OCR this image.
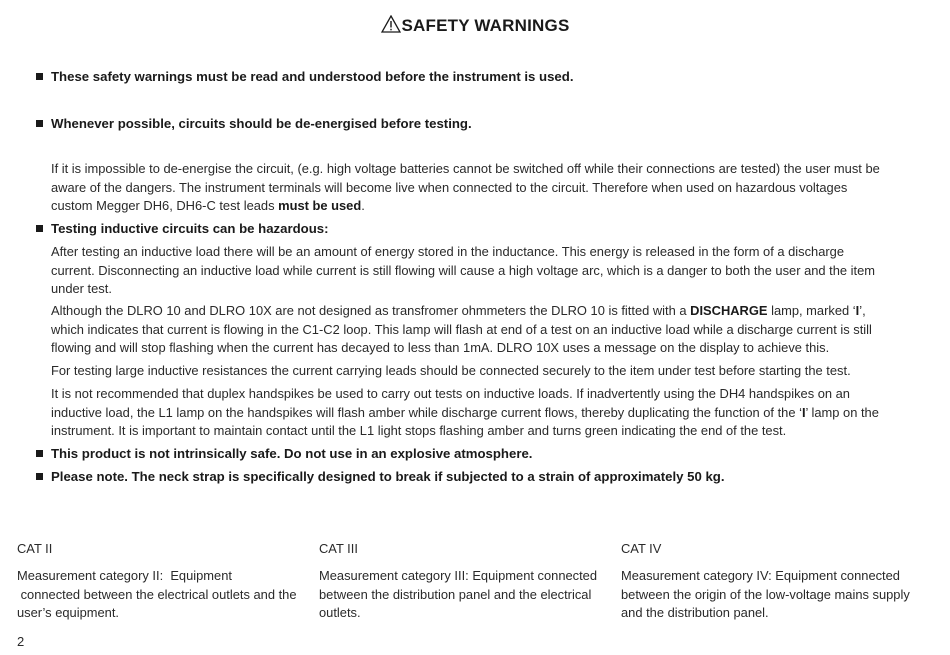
SAFETY WARNINGS
These safety warnings must be read and understood before the instrument is used.
Whenever possible, circuits should be de-energised before testing.
If it is impossible to de-energise the circuit, (e.g. high voltage batteries cannot be switched off while their connections are tested) the user must be aware of the dangers. The instrument terminals will become live when connected to the circuit. Therefore when used on hazardous voltages custom Megger DH6, DH6-C test leads must be used.
Testing inductive circuits can be hazardous:
After testing an inductive load there will be an amount of energy stored in the inductance. This energy is released in the form of a discharge current. Disconnecting an inductive load while current is still flowing will cause a high voltage arc, which is a danger to both the user and the item under test.
Although the DLRO 10 and DLRO 10X are not designed as transfromer ohmmeters the DLRO 10 is fitted with a DISCHARGE lamp, marked ‘I’, which indicates that current is flowing in the C1-C2 loop. This lamp will flash at end of a test on an inductive load while a discharge current is still flowing and will stop flashing when the current has decayed to less than 1mA. DLRO 10X uses a message on the display to achieve this.
For testing large inductive resistances the current carrying leads should be connected securely to the item under test before starting the test.
It is not recommended that duplex handspikes be used to carry out tests on inductive loads. If inadvertently using the DH4 handspikes on an inductive load, the L1 lamp on the handspikes will flash amber while discharge current flows, thereby duplicating the function of the ‘I’ lamp on the instrument. It is important to maintain contact until the L1 light stops flashing amber and turns green indicating the end of the test.
This product is not intrinsically safe. Do not use in an explosive atmosphere.
Please note. The neck strap is specifically designed to break if subjected to a strain of approximately 50 kg.
CAT II
Measurement category II:  Equipment
connected between the electrical outlets and the user’s equipment.
CAT III
Measurement category III: Equipment connected between the distribution panel and the electrical outlets.
CAT IV
Measurement category IV: Equipment connected between the origin of the low-voltage mains supply and the distribution panel.
2
